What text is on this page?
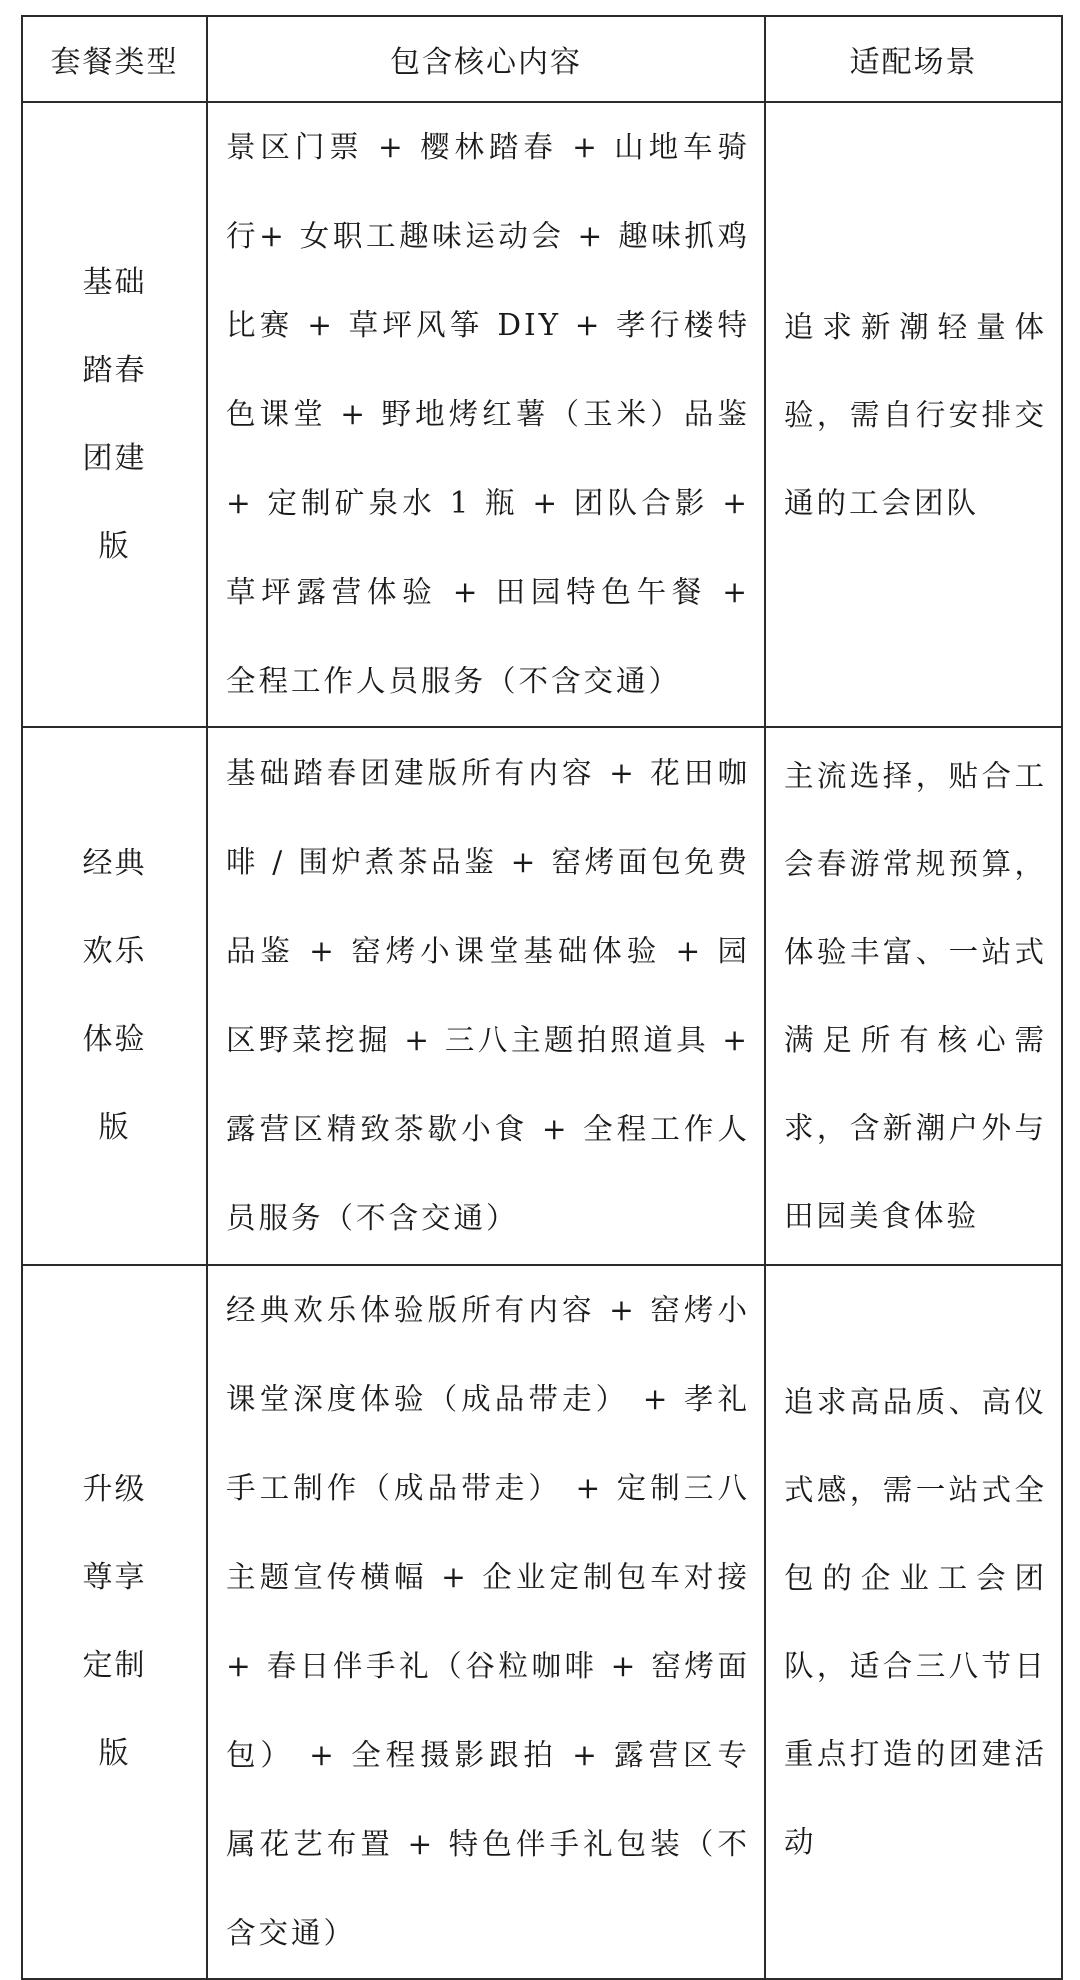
套餐类型	包含核心内容	适配场景

基础
踏春
团建
版	景区门票 + 樱林踏春 + 山地车骑行+ 女职工趣味运动会 + 趣味抓鸡比赛 + 草坪风筝 DIY + 孝行楼特色课堂 + 野地烤红薯（玉米）品鉴 + 定制矿泉水 1 瓶 + 团队合影 + 草坪露营体验 + 田园特色午餐 + 全程工作人员服务（不含交通）	追求新潮轻量体验，需自行安排交通的工会团队

经典
欢乐
体验
版	基础踏春团建版所有内容 + 花田咖啡 / 围炉煮茶品鉴 + 窑烤面包免费品鉴 + 窑烤小课堂基础体验 + 园区野菜挖掘 + 三八主题拍照道具 + 露营区精致茶歇小食 + 全程工作人员服务（不含交通）	主流选择，贴合工会春游常规预算，体验丰富、一站式满足所有核心需求，含新潮户外与田园美食体验

升级
尊享
定制
版	经典欢乐体验版所有内容 + 窑烤小课堂深度体验（成品带走） + 孝礼手工制作（成品带走） + 定制三八主题宣传横幅 + 企业定制包车对接 + 春日伴手礼（谷粒咖啡 + 窑烤面包） + 全程摄影跟拍 + 露营区专属花艺布置 + 特色伴手礼包装（不含交通）	追求高品质、高仪式感，需一站式全包的企业工会团队，适合三八节日重点打造的团建活动
